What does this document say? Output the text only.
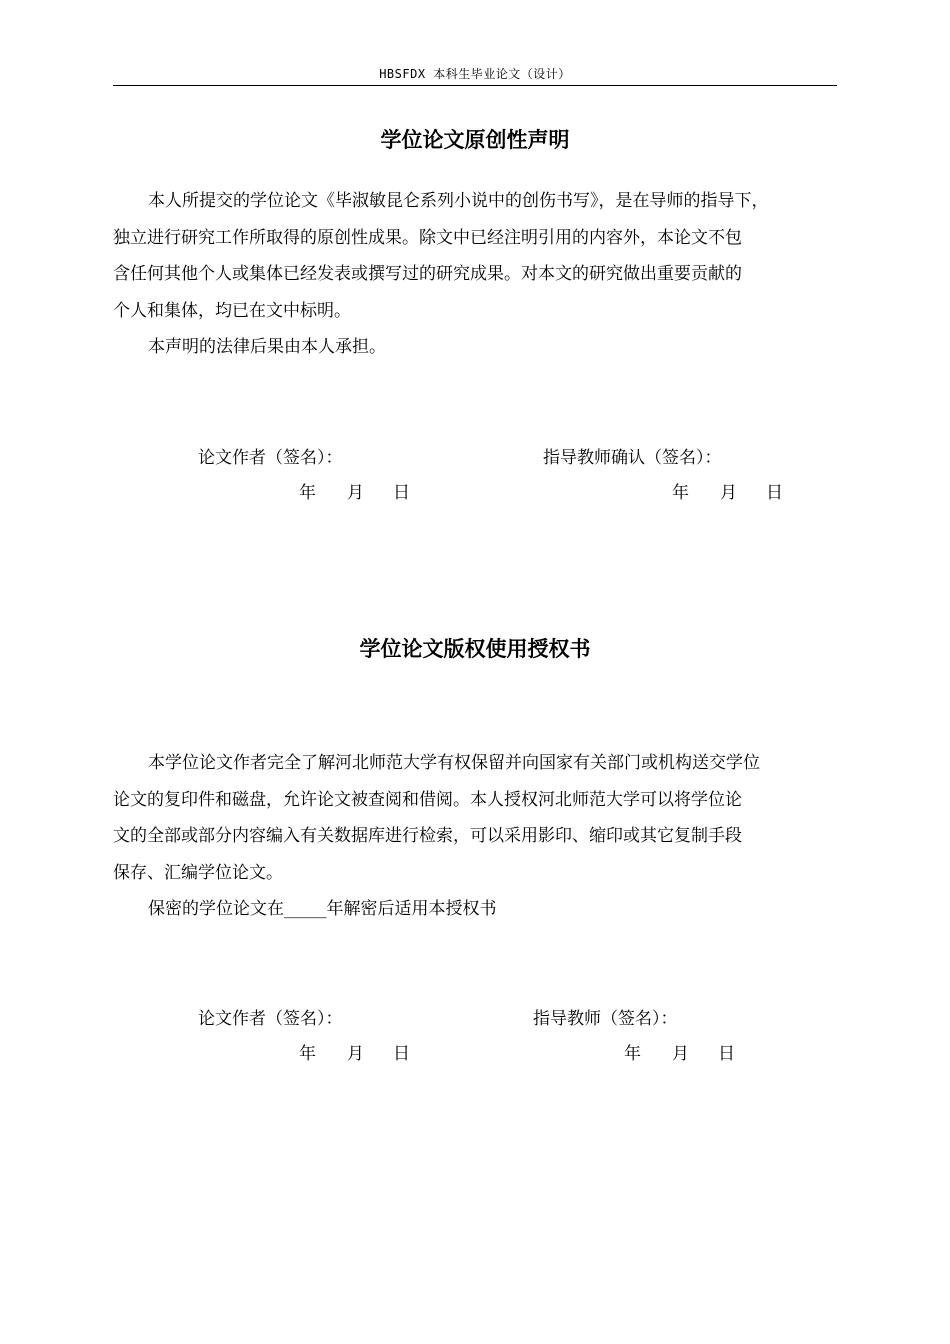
HBSFDX 本科生毕业论文（设计）
学位论文原创性声明
本人所提交的学位论文《毕淑敏昆仑系列小说中的创伤书写》，是在导师的指导下，
独立进行研究工作所取得的原创性成果。除文中已经注明引用的内容外，本论文不包
含任何其他个人或集体已经发表或撰写过的研究成果。对本文的研究做出重要贡献的
个人和集体，均已在文中标明。
本声明的法律后果由本人承担。
论文作者（签名）：	指导教师确认（签名）：
年 月 日	年 月 日
学位论文版权使用授权书
本学位论文作者完全了解河北师范大学有权保留并向国家有关部门或机构送交学位
论文的复印件和磁盘，允许论文被查阅和借阅。本人授权河北师范大学可以将学位论
文的全部或部分内容编入有关数据库进行检索，可以采用影印、缩印或其它复制手段
保存、汇编学位论文。
保密的学位论文在_____年解密后适用本授权书
论文作者（签名）：	指导教师（签名）：
年 月 日	年 月 日
